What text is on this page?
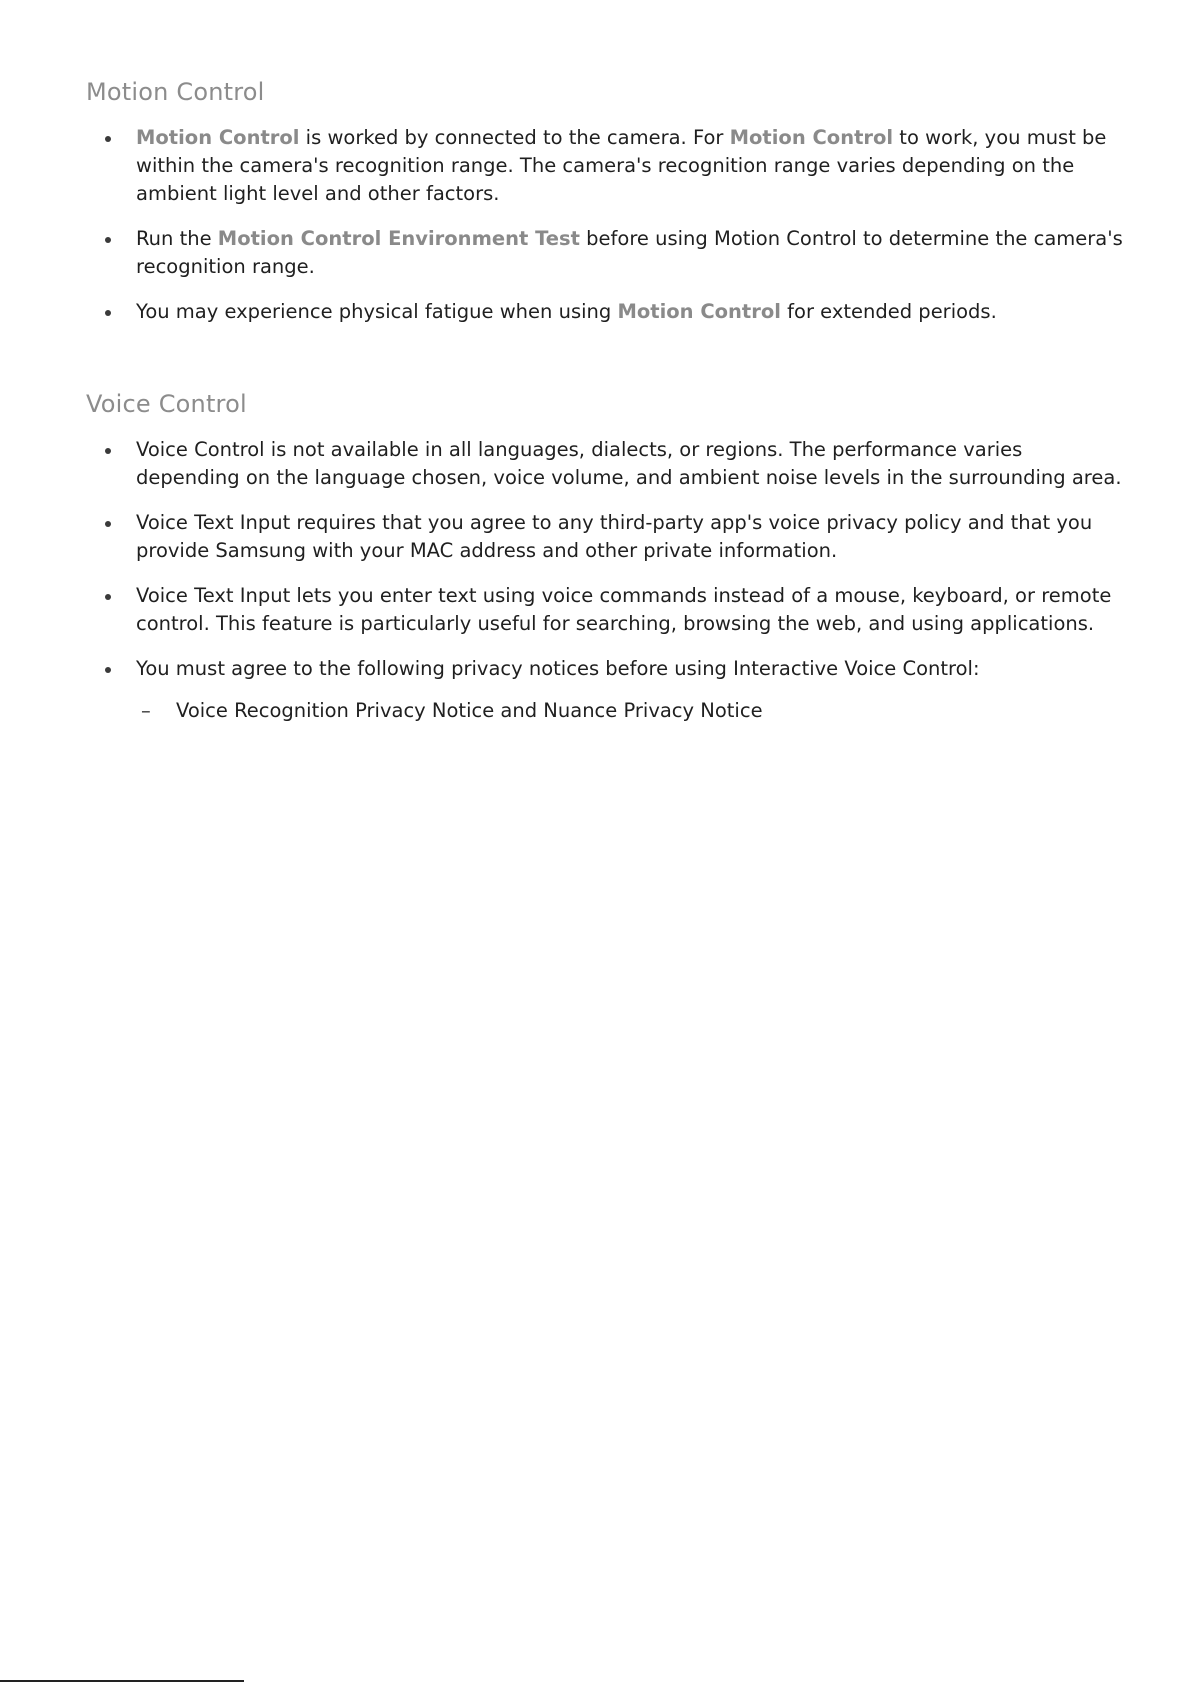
Motion Control
Motion Control is worked by connected to the camera. For Motion Control to work, you must be within the camera's recognition range. The camera's recognition range varies depending on the ambient light level and other factors.
Run the Motion Control Environment Test before using Motion Control to determine the camera's recognition range.
You may experience physical fatigue when using Motion Control for extended periods.
Voice Control
Voice Control is not available in all languages, dialects, or regions. The performance varies depending on the language chosen, voice volume, and ambient noise levels in the surrounding area.
Voice Text Input requires that you agree to any third-party app's voice privacy policy and that you provide Samsung with your MAC address and other private information.
Voice Text Input lets you enter text using voice commands instead of a mouse, keyboard, or remote control. This feature is particularly useful for searching, browsing the web, and using applications.
You must agree to the following privacy notices before using Interactive Voice Control:
– Voice Recognition Privacy Notice and Nuance Privacy Notice
